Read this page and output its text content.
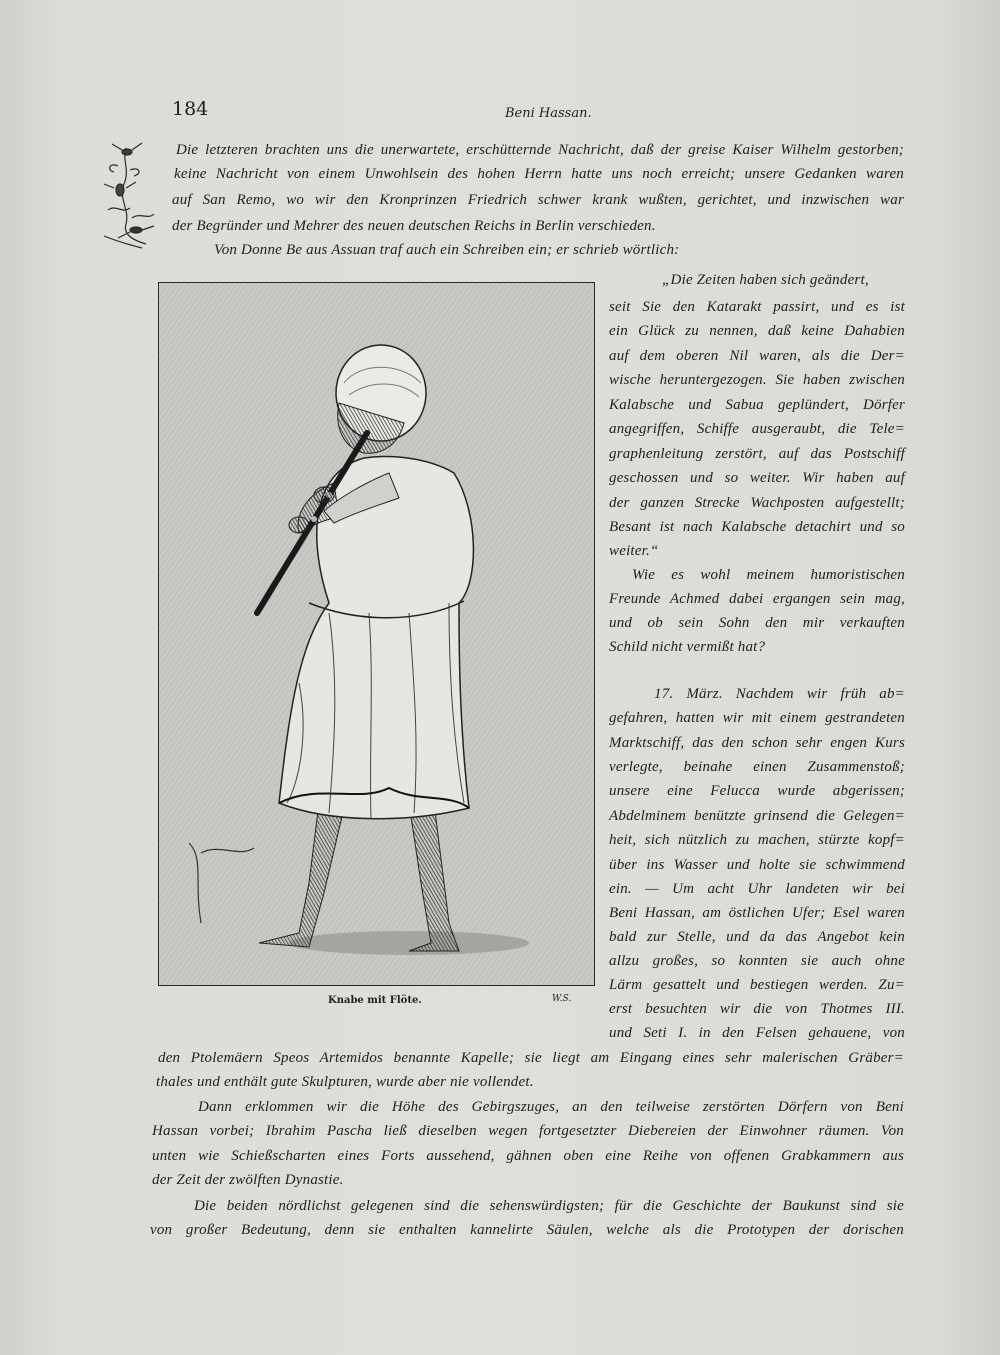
184	Beni Hassan.
Die letzteren brachten uns die unerwartete, erschütternde Nachricht, daß der greise Kaiser Wilhelm gestorben;
keine Nachricht von einem Unwohlsein des hohen Herrn hatte uns noch erreicht; unsere Gedanken waren
auf San Remo, wo wir den Kronprinzen Friedrich schwer krank wußten, gerichtet, und inzwischen war
der Begründer und Mehrer des neuen deutschen Reichs in Berlin verschieden.
Von Donne Be aus Assuan traf auch ein Schreiben ein; er schrieb wörtlich:
Knabe mit Flöte.	W.S.
„Die Zeiten haben sich geändert,
seit Sie den Katarakt passirt, und es ist
ein Glück zu nennen, daß keine Dahabien
auf dem oberen Nil waren, als die Der=
wische heruntergezogen. Sie haben zwischen
Kalabsche und Sabua geplündert, Dörfer
angegriffen, Schiffe ausgeraubt, die Tele=
graphenleitung zerstört, auf das Postschiff
geschossen und so weiter. Wir haben auf
der ganzen Strecke Wachposten aufgestellt;
Besant ist nach Kalabsche detachirt und so
weiter.“
Wie es wohl meinem humoristischen
Freunde Achmed dabei ergangen sein mag,
und ob sein Sohn den mir verkauften
Schild nicht vermißt hat?
17. März. Nachdem wir früh ab=
gefahren, hatten wir mit einem gestrandeten
Marktschiff, das den schon sehr engen Kurs
verlegte, beinahe einen Zusammenstoß;
unsere eine Felucca wurde abgerissen;
Abdelminem benützte grinsend die Gelegen=
heit, sich nützlich zu machen, stürzte kopf=
über ins Wasser und holte sie schwimmend
ein. — Um acht Uhr landeten wir bei
Beni Hassan, am östlichen Ufer; Esel waren
bald zur Stelle, und da das Angebot kein
allzu großes, so konnten sie auch ohne
Lärm gesattelt und bestiegen werden. Zu=
erst besuchten wir die von Thotmes III.
und Seti I. in den Felsen gehauene, von
den Ptolemäern Speos Artemidos benannte Kapelle; sie liegt am Eingang eines sehr malerischen Gräber=
thales und enthält gute Skulpturen, wurde aber nie vollendet.
Dann erklommen wir die Höhe des Gebirgszuges, an den teilweise zerstörten Dörfern von Beni
Hassan vorbei; Ibrahim Pascha ließ dieselben wegen fortgesetzter Diebereien der Einwohner räumen. Von
unten wie Schießscharten eines Forts aussehend, gähnen oben eine Reihe von offenen Grabkammern aus
der Zeit der zwölften Dynastie.
Die beiden nördlichst gelegenen sind die sehenswürdigsten; für die Geschichte der Baukunst sind sie
von großer Bedeutung, denn sie enthalten kannelirte Säulen, welche als die Prototypen der dorischen
